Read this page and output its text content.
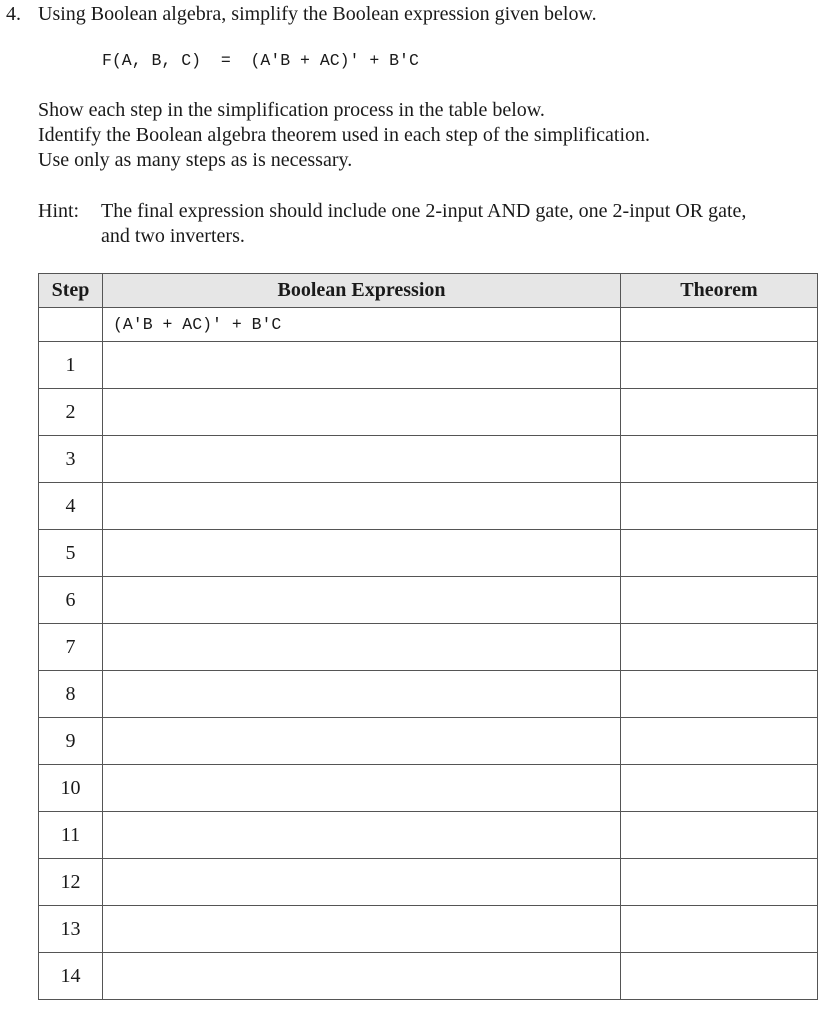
4. Using Boolean algebra, simplify the Boolean expression given below.
F(A, B, C)  =  (A'B + AC)' + B'C
Show each step in the simplification process in the table below.
Identify the Boolean algebra theorem used in each step of the simplification.
Use only as many steps as is necessary.
Hint: The final expression should include one 2-input AND gate, one 2-input OR gate,
and two inverters.
Step	Boolean Expression	Theorem
	(A'B + AC)' + B'C	
1		
2		
3		
4		
5		
6		
7		
8		
9		
10		
11		
12		
13		
14		
